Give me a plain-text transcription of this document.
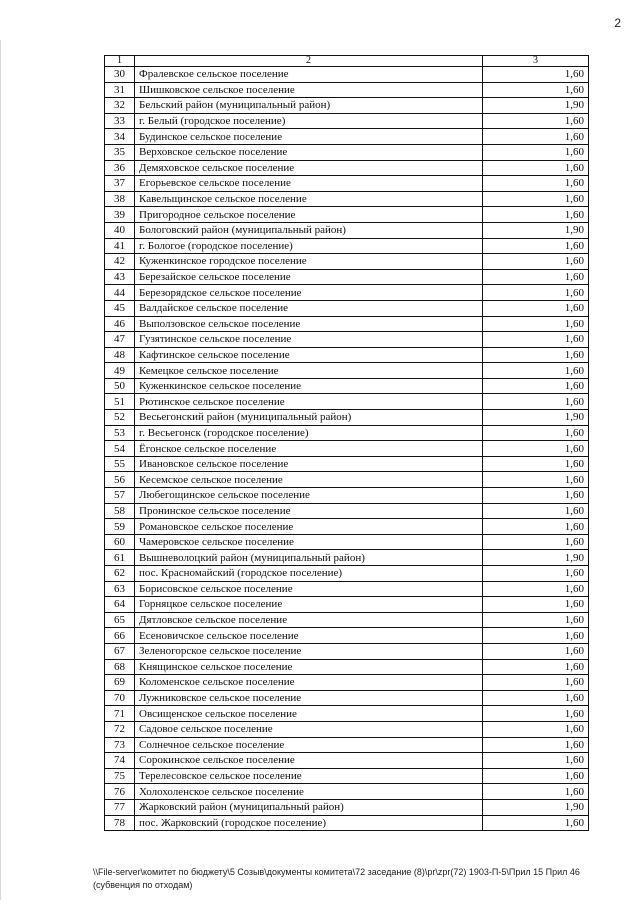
2
1	2	3
30	Фралевское сельское поселение	1,60
31	Шишковское сельское поселение	1,60
32	Бельский район (муниципальный район)	1,90
33	г. Белый (городское поселение)	1,60
34	Будинское сельское поселение	1,60
35	Верховское сельское поселение	1,60
36	Демяховское сельское поселение	1,60
37	Егорьевское сельское поселение	1,60
38	Кавельщинское сельское поселение	1,60
39	Пригородное сельское поселение	1,60
40	Бологовский район (муниципальный район)	1,90
41	г. Бологое (городское поселение)	1,60
42	Куженкинское городское поселение	1,60
43	Березайское сельское поселение	1,60
44	Березорядское сельское поселение	1,60
45	Валдайское сельское поселение	1,60
46	Выползовское сельское поселение	1,60
47	Гузятинское сельское поселение	1,60
48	Кафтинское сельское поселение	1,60
49	Кемецкое сельское поселение	1,60
50	Куженкинское сельское поселение	1,60
51	Рютинское сельское поселение	1,60
52	Весьегонский район (муниципальный район)	1,90
53	г. Весьегонск (городское поселение)	1,60
54	Ёгонское сельское поселение	1,60
55	Ивановское сельское поселение	1,60
56	Кесемское сельское поселение	1,60
57	Любегощинское сельское поселение	1,60
58	Пронинское сельское поселение	1,60
59	Романовское сельское поселение	1,60
60	Чамеровское сельское поселение	1,60
61	Вышневолоцкий район (муниципальный район)	1,90
62	пос. Красномайский (городское поселение)	1,60
63	Борисовское сельское поселение	1,60
64	Горняцкое сельское поселение	1,60
65	Дятловское сельское поселение	1,60
66	Есеновичское сельское поселение	1,60
67	Зеленогорское сельское поселение	1,60
68	Княщинское сельское поселение	1,60
69	Коломенское сельское поселение	1,60
70	Лужниковское сельское поселение	1,60
71	Овсищенское сельское поселение	1,60
72	Садовое сельское поселение	1,60
73	Солнечное сельское поселение	1,60
74	Сорокинское сельское поселение	1,60
75	Терелесовское сельское поселение	1,60
76	Холохоленское сельское поселение	1,60
77	Жарковский район (муниципальный район)	1,90
78	пос. Жарковский (городское поселение)	1,60
\\File-server\комитет по бюджету\5 Созыв\документы комитета\72 заседание (8)\pr\zpr(72) 1903-П-5\Прил 15 Прил 46
(субвенция по отходам)
